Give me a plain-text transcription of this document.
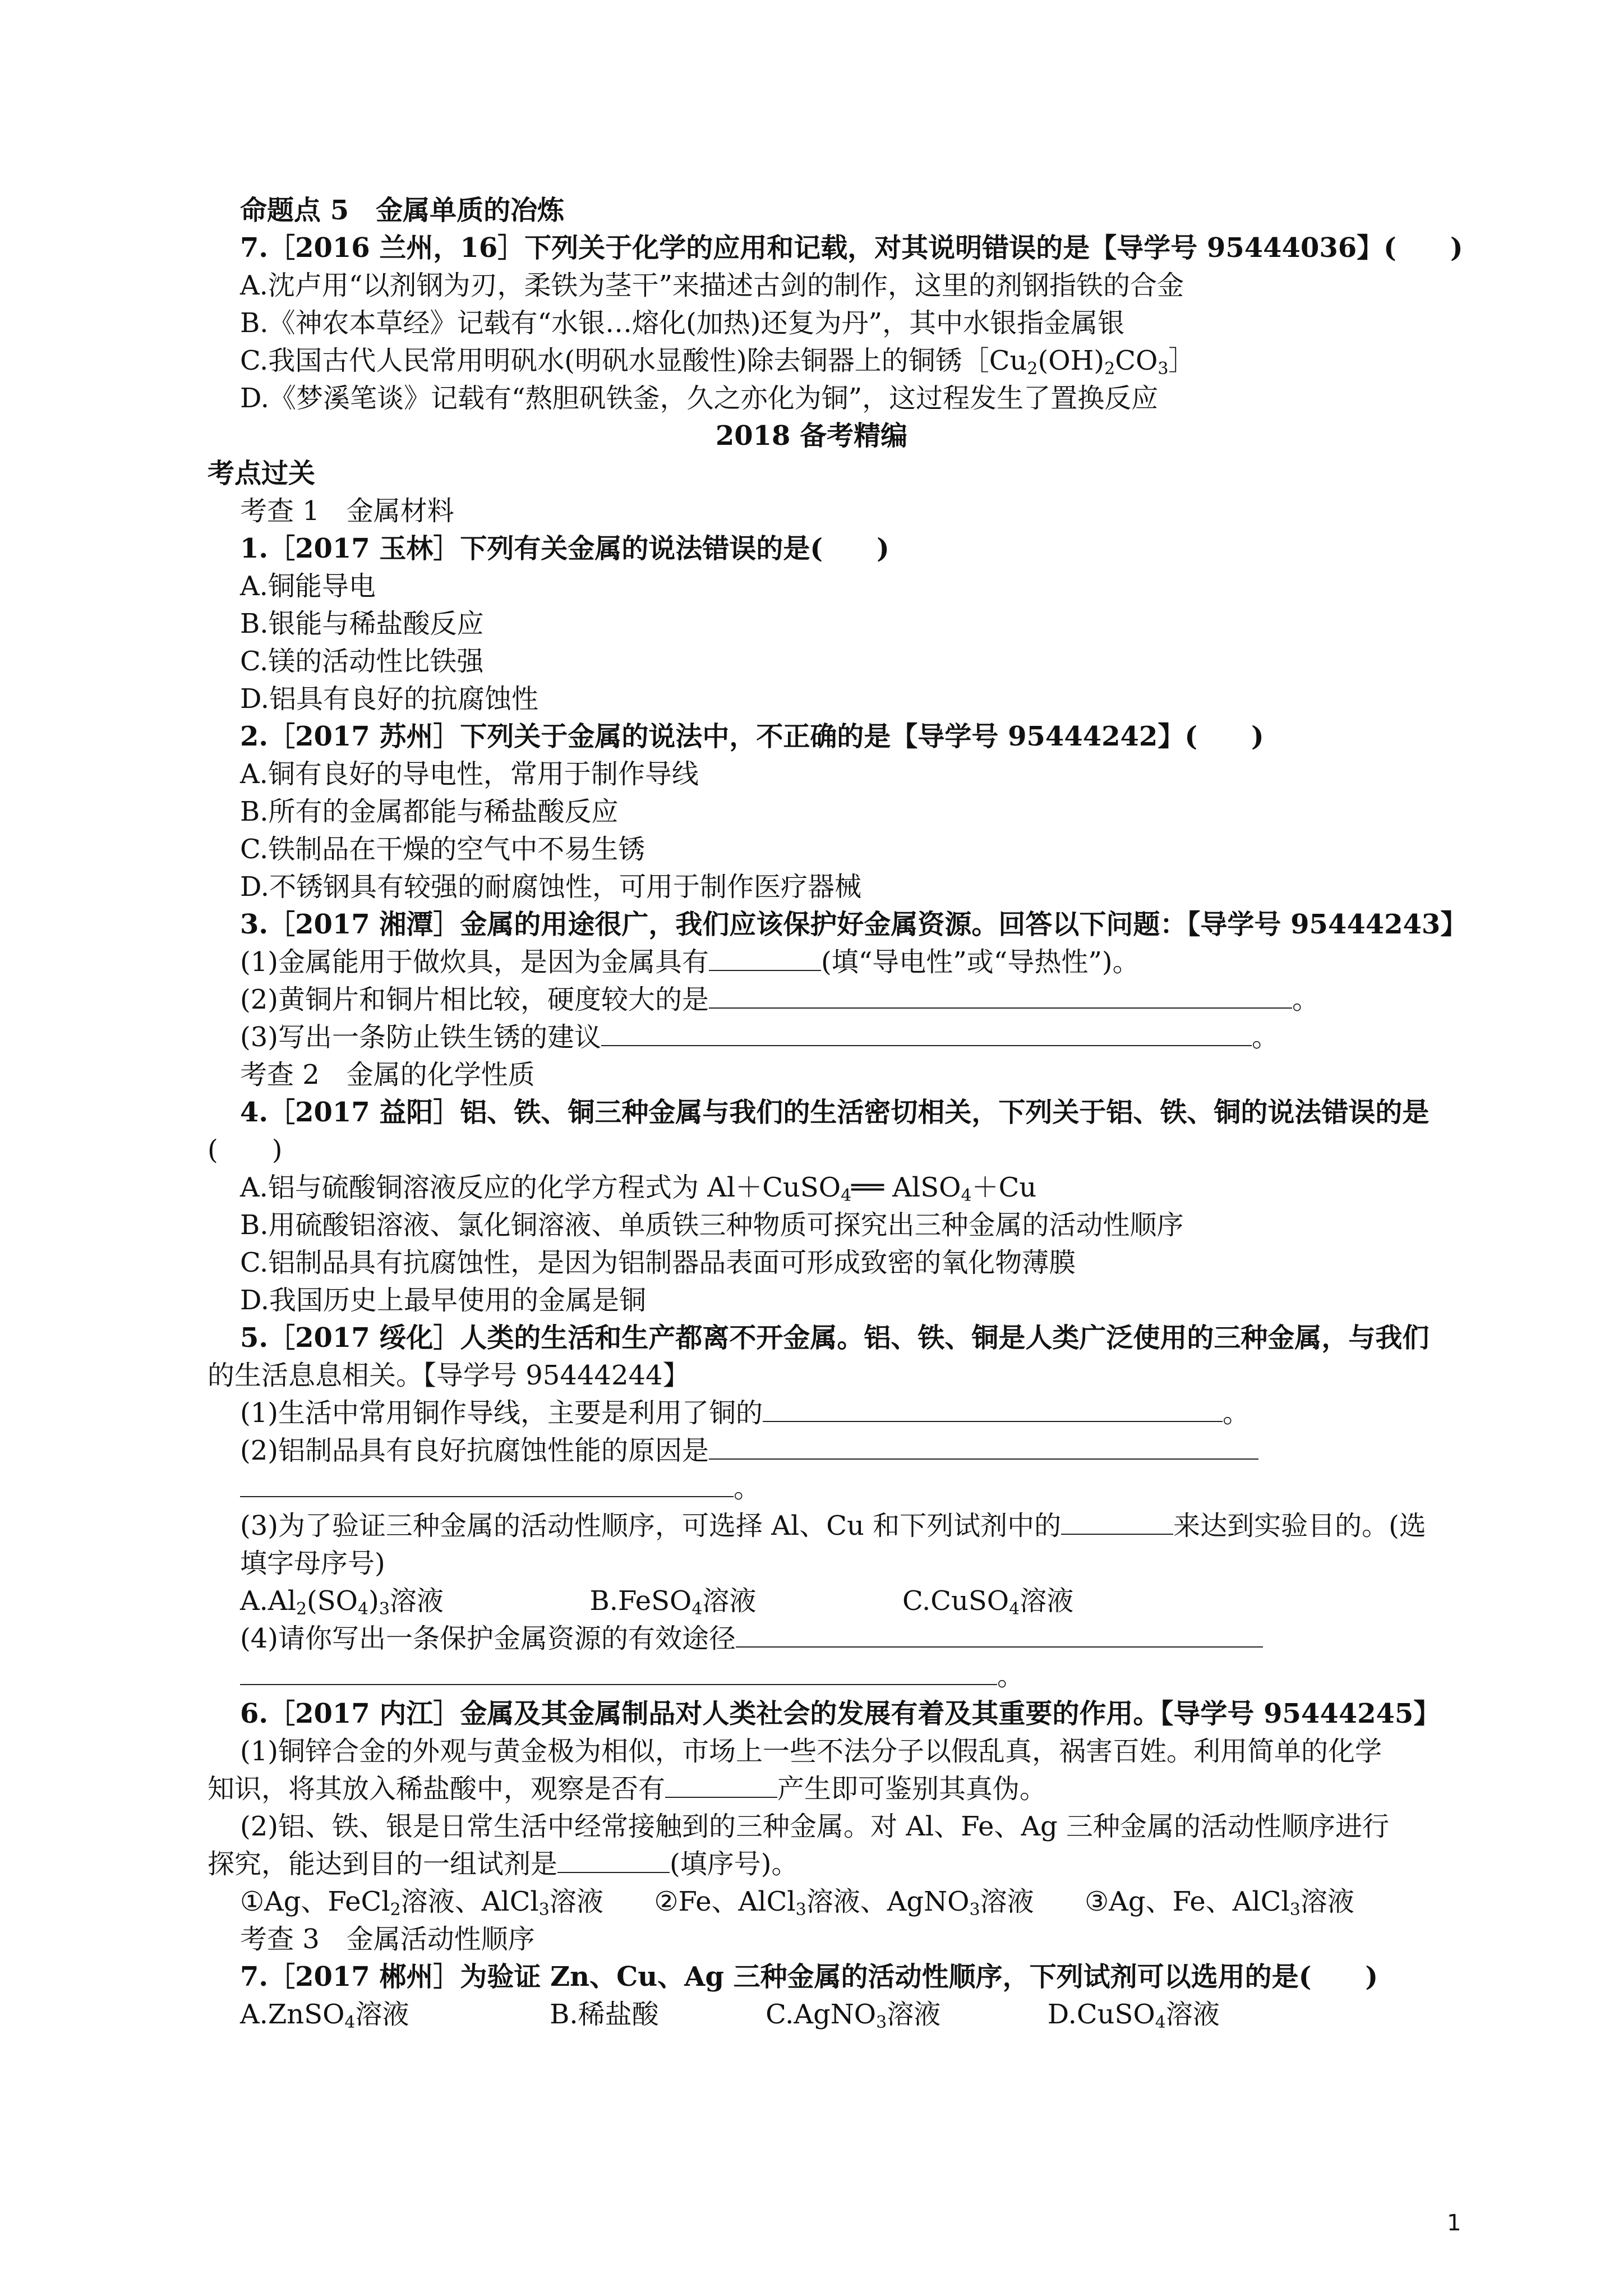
命题点 5　金属单质的冶炼
7.［2016 兰州，16］下列关于化学的应用和记载，对其说明错误的是【导学号 95444036】(　　)
A.沈卢用“以剂钢为刃，柔铁为茎干”来描述古剑的制作，这里的剂钢指铁的合金
B.《神农本草经》记载有“水银…熔化(加热)还复为丹”，其中水银指金属银
C.我国古代人民常用明矾水(明矾水显酸性)除去铜器上的铜锈$[Cu_2(OH)_2CO_3]$
D.《梦溪笔谈》记载有“熬胆矾铁釜，久之亦化为铜”，这过程发生了置换反应
2018 备考精编
考点过关
考查 1　金属材料
1.［2017 玉林］下列有关金属的说法错误的是(　　)
A.铜能导电
B.银能与稀盐酸反应
C.镁的活动性比铁强
D.铝具有良好的抗腐蚀性
2.［2017 苏州］下列关于金属的说法中，不正确的是【导学号 95444242】(　　)
A.铜有良好的导电性，常用于制作导线
B.所有的金属都能与稀盐酸反应
C.铁制品在干燥的空气中不易生锈
D.不锈钢具有较强的耐腐蚀性，可用于制作医疗器械
3.［2017 湘潭］金属的用途很广，我们应该保护好金属资源。回答以下问题：【导学号 95444243】
(1)金属能用于做炊具，是因为金属具有	(填“导电性”或“导热性”)。
(2)黄铜片和铜片相比较，硬度较大的是	。
(3)写出一条防止铁生锈的建议	。
考查 2　金属的化学性质
4.［2017 益阳］铝、铁、铜三种金属与我们的生活密切相关，下列关于铝、铁、铜的说法错误的是
(　　)
A.铝与硫酸铜溶液反应的化学方程式为 Al＋CuSO$_4$══ AlSO$_4$＋Cu
B.用硫酸铝溶液、氯化铜溶液、单质铁三种物质可探究出三种金属的活动性顺序
C.铝制品具有抗腐蚀性，是因为铝制器品表面可形成致密的氧化物薄膜
D.我国历史上最早使用的金属是铜
5.［2017 绥化］人类的生活和生产都离不开金属。铝、铁、铜是人类广泛使用的三种金属，与我们
的生活息息相关。【导学号 95444244】
(1)生活中常用铜作导线，主要是利用了铜的	。
(2)铝制品具有良好抗腐蚀性能的原因是
。
(3)为了验证三种金属的活动性顺序，可选择 Al、Cu 和下列试剂中的	来达到实验目的。(选
填字母序号)
$A.Al_2(SO_4)_3$溶液	B.FeSO$_4$溶液	C.CuSO$_4$溶液
(4)请你写出一条保护金属资源的有效途径
。
6.［2017 内江］金属及其金属制品对人类社会的发展有着及其重要的作用。【导学号 95444245】
(1)铜锌合金的外观与黄金极为相似，市场上一些不法分子以假乱真，祸害百姓。利用简单的化学
知识，将其放入稀盐酸中，观察是否有	产生即可鉴别其真伪。
(2)铝、铁、银是日常生活中经常接触到的三种金属。对 Al、Fe、Ag 三种金属的活动性顺序进行
探究，能达到目的一组试剂是	(填序号)。
①Ag、FeCl$_2$溶液、AlCl$_3$溶液 ②Fe、AlCl$_3$溶液、AgNO$_3$溶液 ③Ag、Fe、AlCl$_3$溶液
考查 3　金属活动性顺序
7.［2017 郴州］为验证 Zn、Cu、Ag 三种金属的活动性顺序，下列试剂可以选用的是(　　)
A.ZnSO$_4$溶液	B.稀盐酸	C.AgNO$_3$溶液	D.CuSO$_4$溶液
1
